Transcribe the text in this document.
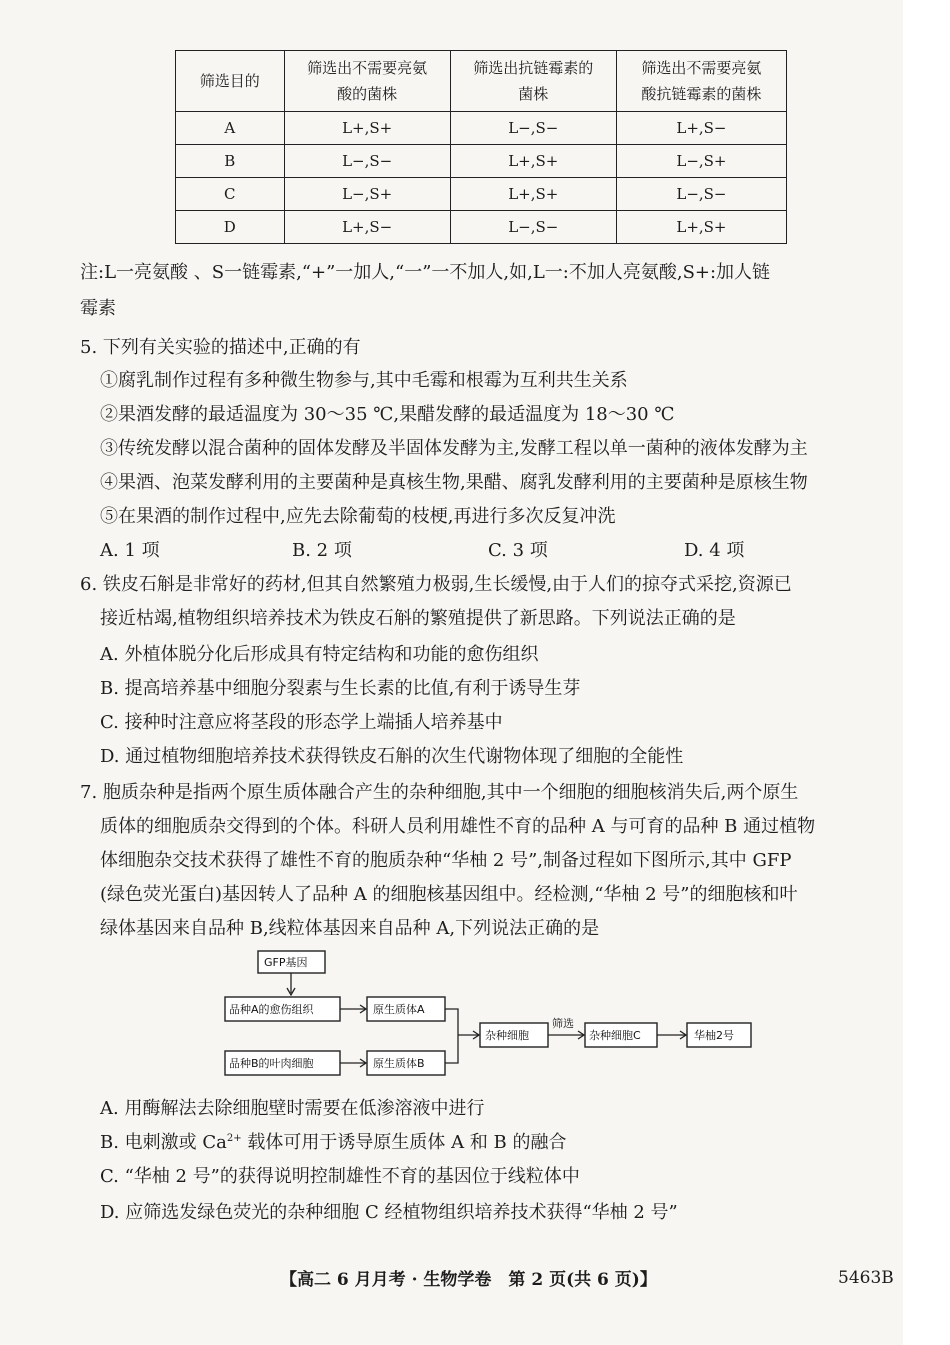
筛选目的	筛选出不需要亮氨酸的菌株	筛选出抗链霉素的菌株	筛选出不需要亮氨酸抗链霉素的菌株

A	L+,S+	L−,S−	L+,S−
B	L−,S−	L+,S+	L−,S+
C	L−,S+	L+,S+	L−,S−
D	L+,S−	L−,S−	L+,S+
注:L一亮氨酸 、S一链霉素,“+”一加人,“一”一不加人,如,L一:不加人亮氨酸,S+:加人链
霉素
5. 下列有关实验的描述中,正确的有
①腐乳制作过程有多种微生物参与,其中毛霉和根霉为互利共生关系
②果酒发酵的最适温度为 30～35 ℃,果醋发酵的最适温度为 18～30 ℃
③传统发酵以混合菌种的固体发酵及半固体发酵为主,发酵工程以单一菌种的液体发酵为主
④果酒、泡菜发酵利用的主要菌种是真核生物,果醋、腐乳发酵利用的主要菌种是原核生物
⑤在果酒的制作过程中,应先去除葡萄的枝梗,再进行多次反复冲洗
A. 1 项	B. 2 项	C. 3 项	D. 4 项
6. 铁皮石斛是非常好的药材,但其自然繁殖力极弱,生长缓慢,由于人们的掠夺式采挖,资源已
接近枯竭,植物组织培养技术为铁皮石斛的繁殖提供了新思路。下列说法正确的是
A. 外植体脱分化后形成具有特定结构和功能的愈伤组织
B. 提高培养基中细胞分裂素与生长素的比值,有利于诱导生芽
C. 接种时注意应将茎段的形态学上端插人培养基中
D. 通过植物细胞培养技术获得铁皮石斛的次生代谢物体现了细胞的全能性
7. 胞质杂种是指两个原生质体融合产生的杂种细胞,其中一个细胞的细胞核消失后,两个原生
质体的细胞质杂交得到的个体。科研人员利用雄性不育的品种 A 与可育的品种 B 通过植物
体细胞杂交技术获得了雄性不育的胞质杂种“华柚 2 号”,制备过程如下图所示,其中 GFP
(绿色荧光蛋白)基因转人了品种 A 的细胞核基因组中。经检测,“华柚 2 号”的细胞核和叶
绿体基因来自品种 B,线粒体基因来自品种 A,下列说法正确的是
GFP基因
品种A的愈伤组织	原生质体A
品种B的叶肉细胞	原生质体B
杂种细胞
筛选
杂种细胞C	华柚2号
A. 用酶解法去除细胞壁时需要在低渗溶液中进行
B. 电刺激或 $Ca^{2+}$ 载体可用于诱导原生质体 A 和 B 的融合
C. “华柚 2 号”的获得说明控制雄性不育的基因位于线粒体中
D. 应筛选发绿色荧光的杂种细胞 C 经植物组织培养技术获得“华柚 2 号”
【高二 6 月月考 · 生物学卷　第 2 页(共 6 页)】	5463B
